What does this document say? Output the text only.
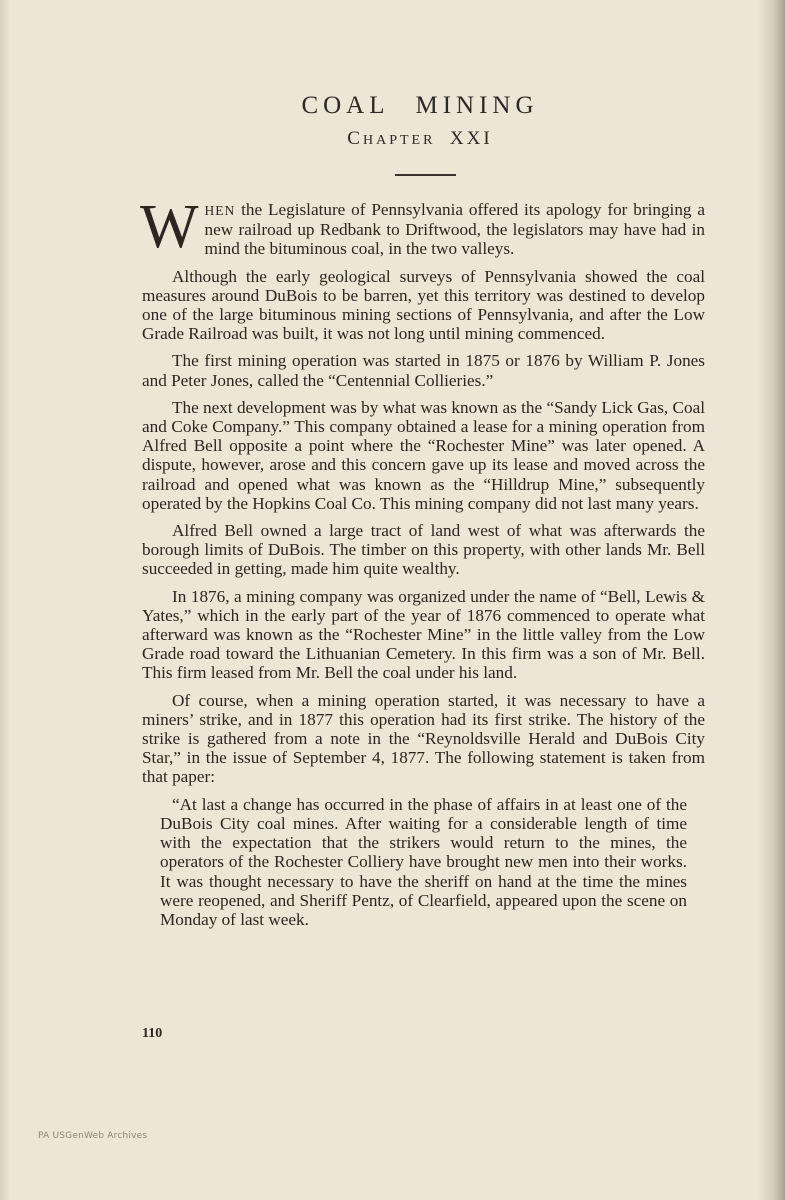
COAL MINING
CHAPTER XXI

WHEN the Legislature of Pennsylvania offered its apology for bringing a new railroad up Redbank to Driftwood, the legislators may have had in mind the bituminous coal, in the two valleys.

Although the early geological surveys of Pennsylvania showed the coal measures around DuBois to be barren, yet this territory was destined to develop one of the large bituminous mining sections of Pennsylvania, and after the Low Grade Railroad was built, it was not long until mining commenced.

The first mining operation was started in 1875 or 1876 by William P. Jones and Peter Jones, called the “Centennial Collieries.”

The next development was by what was known as the “Sandy Lick Gas, Coal and Coke Company.” This company obtained a lease for a mining operation from Alfred Bell opposite a point where the “Rochester Mine” was later opened. A dispute, however, arose and this concern gave up its lease and moved across the railroad and opened what was known as the “Hilldrup Mine,” subsequently operated by the Hopkins Coal Co. This mining company did not last many years.

Alfred Bell owned a large tract of land west of what was afterwards the borough limits of DuBois. The timber on this property, with other lands Mr. Bell succeeded in getting, made him quite wealthy.

In 1876, a mining company was organized under the name of “Bell, Lewis & Yates,” which in the early part of the year of 1876 commenced to operate what afterward was known as the “Rochester Mine” in the little valley from the Low Grade road toward the Lithuanian Cemetery. In this firm was a son of Mr. Bell. This firm leased from Mr. Bell the coal under his land.

Of course, when a mining operation started, it was necessary to have a miners’ strike, and in 1877 this operation had its first strike. The history of the strike is gathered from a note in the “Reynoldsville Herald and DuBois City Star,” in the issue of September 4, 1877. The following statement is taken from that paper:

“At last a change has occurred in the phase of affairs in at least one of the DuBois City coal mines. After waiting for a considerable length of time with the expectation that the strikers would return to the mines, the operators of the Rochester Colliery have brought new men into their works. It was thought necessary to have the sheriff on hand at the time the mines were reopened, and Sheriff Pentz, of Clearfield, appeared upon the scene on Monday of last week.

110
PA USGenWeb Archives
